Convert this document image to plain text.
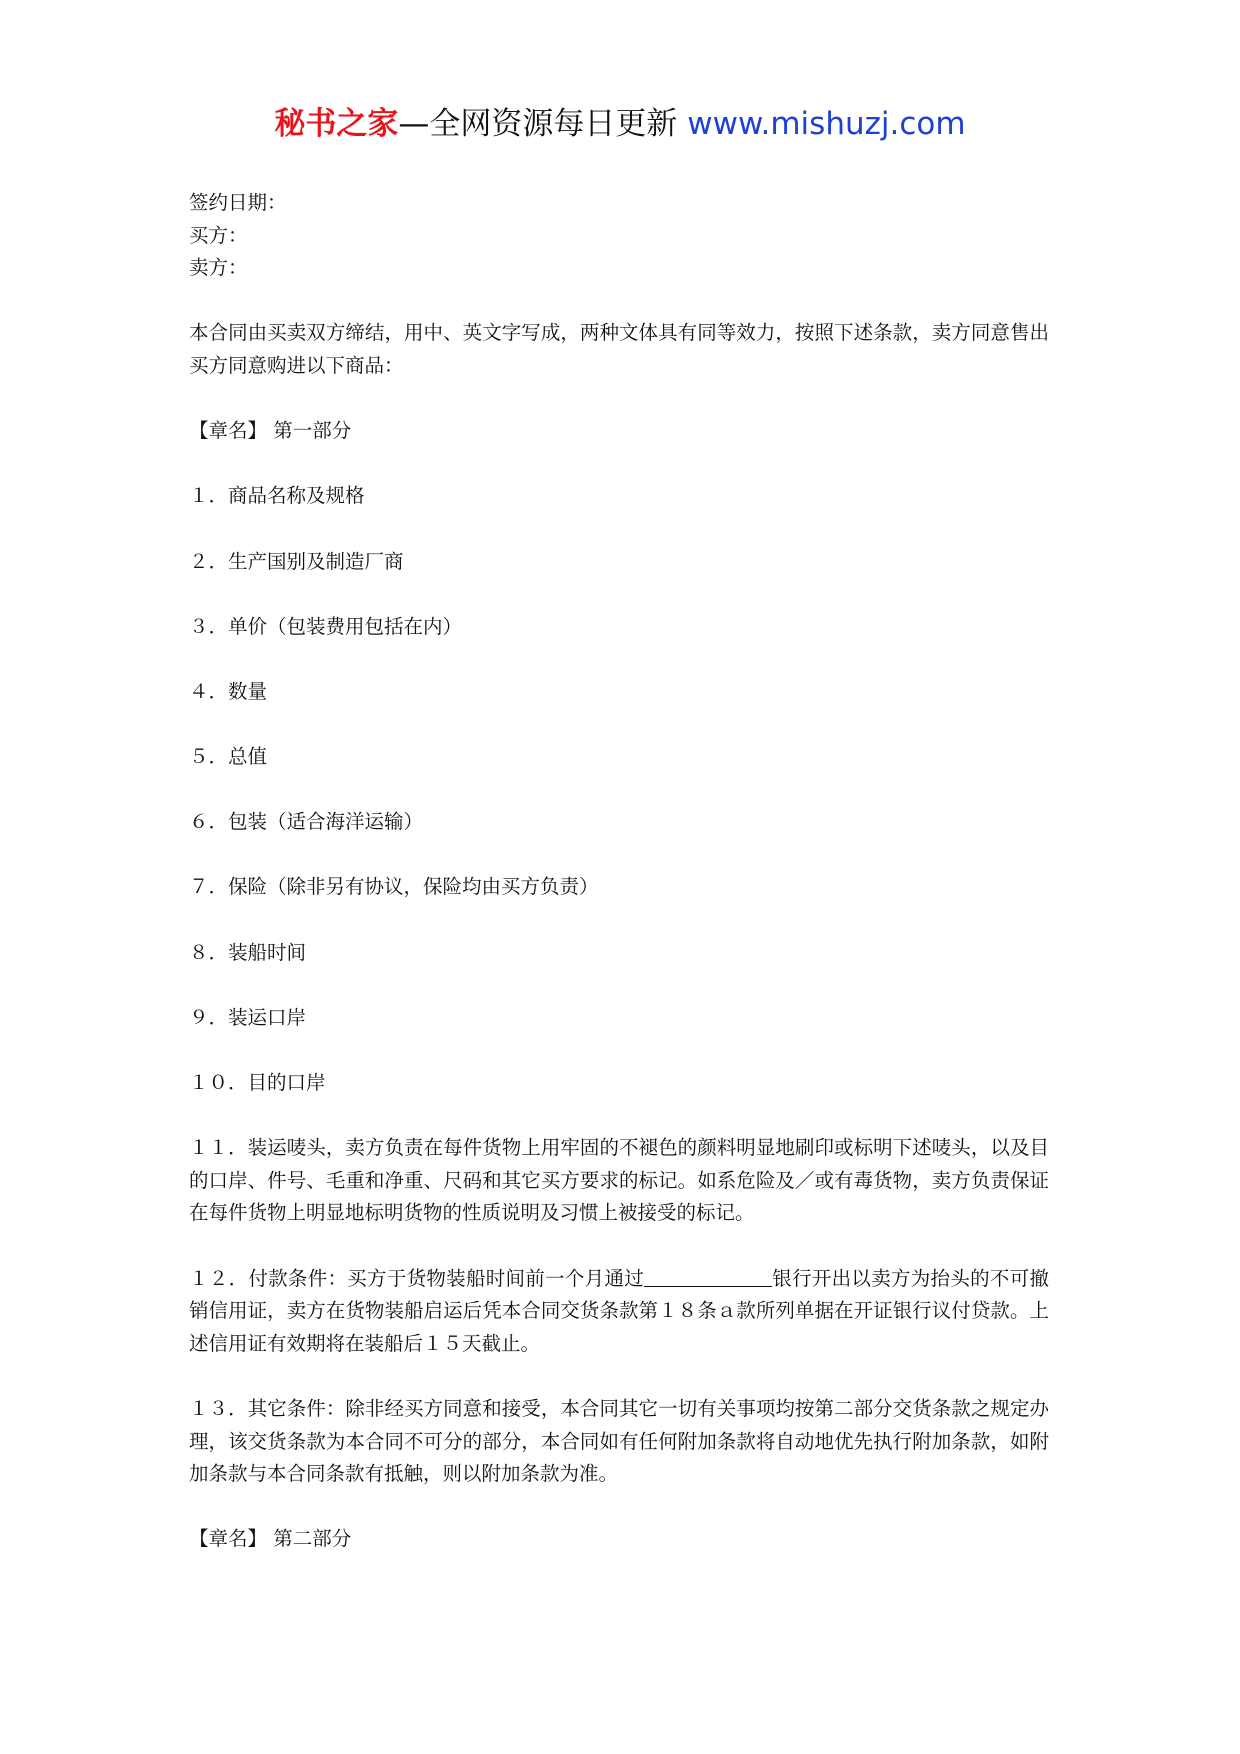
秘书之家—全网资源每日更新 www.mishuzj.com

签约日期：

买方：

卖方：

本合同由买卖双方缔结，用中、英文字写成，两种文体具有同等效力，按照下述条款，卖方同意售出买方同意购进以下商品：

【章名】 第一部分

１．商品名称及规格

２．生产国别及制造厂商

３．单价（包装费用包括在内）

４．数量

５．总值

６．包装（适合海洋运输）

７．保险（除非另有协议，保险均由买方负责）

８．装船时间

９．装运口岸

１０．目的口岸

１１．装运唛头，卖方负责在每件货物上用牢固的不褪色的颜料明显地刷印或标明下述唛头，以及目的口岸、件号、毛重和净重、尺码和其它买方要求的标记。如系危险及／或有毒货物，卖方负责保证在每件货物上明显地标明货物的性质说明及习惯上被接受的标记。

１２．付款条件：买方于货物装船时间前一个月通过	银行开出以卖方为抬头的不可撤销信用证，卖方在货物装船启运后凭本合同交货条款第１８条ａ款所列单据在开证银行议付贷款。上述信用证有效期将在装船后１５天截止。

１３．其它条件：除非经买方同意和接受，本合同其它一切有关事项均按第二部分交货条款之规定办理，该交货条款为本合同不可分的部分，本合同如有任何附加条款将自动地优先执行附加条款，如附加条款与本合同条款有抵触，则以附加条款为准。

【章名】 第二部分
